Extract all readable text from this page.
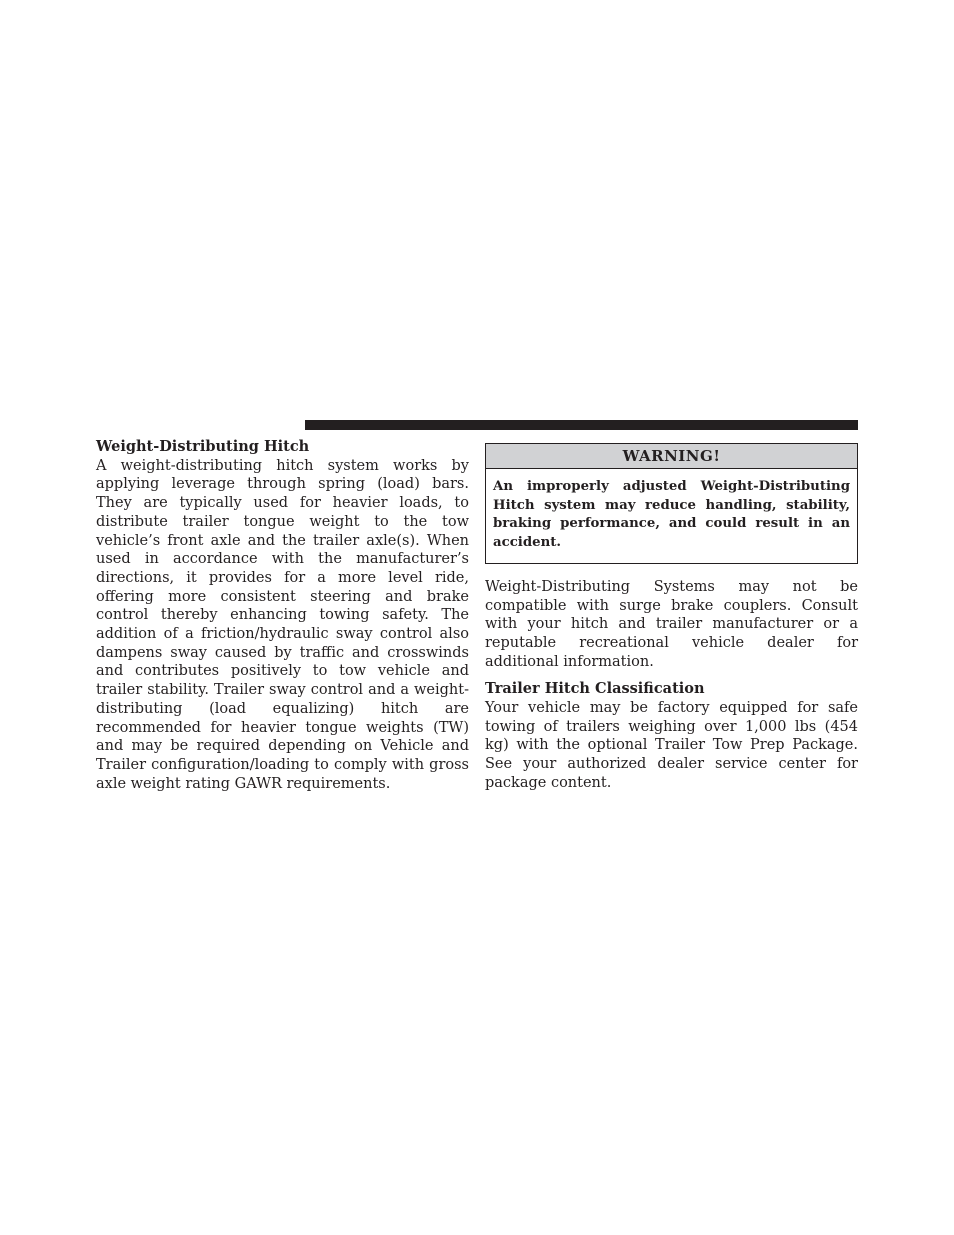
Weight-Distributing Hitch

A weight-distributing hitch system works by applying leverage through spring (load) bars. They are typically used for heavier loads, to distribute trailer tongue weight to the tow vehicle’s front axle and the trailer axle(s). When used in accordance with the manufacturer’s directions, it provides for a more level ride, offering more consistent steering and brake control thereby enhancing towing safety. The addition of a friction/hydraulic sway control also dampens sway caused by traffic and crosswinds and contributes positively to tow vehicle and trailer stability. Trailer sway control and a weight-distributing (load equalizing) hitch are recommended for heavier tongue weights (TW) and may be required depending on Vehicle and Trailer configuration/loading to comply with gross axle weight rating GAWR requirements.

WARNING!
An improperly adjusted Weight-Distributing Hitch system may reduce handling, stability, braking performance, and could result in an accident.

Weight-Distributing Systems may not be compatible with surge brake couplers. Consult with your hitch and trailer manufacturer or a reputable recreational vehicle dealer for additional information.

Trailer Hitch Classification

Your vehicle may be factory equipped for safe towing of trailers weighing over 1,000 lbs (454 kg) with the optional Trailer Tow Prep Package. See your authorized dealer service center for package content.
